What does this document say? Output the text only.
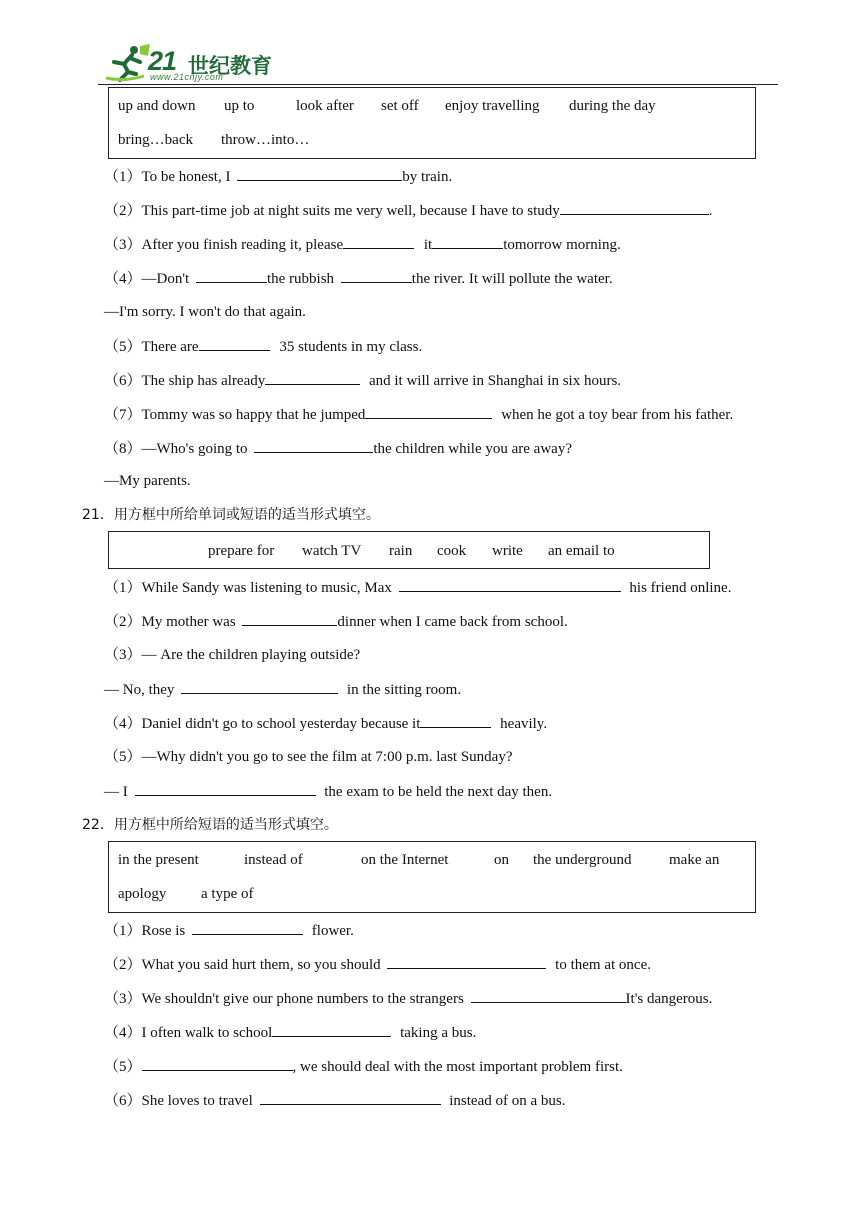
21 世纪教育
www.21cnjy.com
up and down up to	look after set off enjoy travelling during the day
bring…back throw…into…
（1）To be honest, I	by train.
（2）This part-time job at night suits me very well, because I have to study	.
（3）After you finish reading it, please	it	tomorrow morning.
（4）—Don't	the rubbish	the river. It will pollute the water.
—I'm sorry. I won't do that again.
（5）There are	35 students in my class.
（6）The ship has already	and it will arrive in Shanghai in six hours.
（7）Tommy was so happy that he jumped	when he got a toy bear from his father.
（8）—Who's going to	the children while you are away?
—My parents.
21．用方框中所给单词或短语的适当形式填空。
prepare for watch TV rain cook write an email to
（1）While Sandy was listening to music, Max	his friend online.
（2）My mother was	dinner when I came back from school.
（3）— Are the children playing outside?
— No, they	in the sitting room.
（4）Daniel didn't go to school yesterday because it	heavily.
（5）—Why didn't you go to see the film at 7:00 p.m. last Sunday?
— I	the exam to be held the next day then.
22．用方框中所给短语的适当形式填空。
in the present	instead of	on the Internet	on the underground	make an
apology a type of
（1）Rose is	flower.
（2）What you said hurt them, so you should	to them at once.
（3）We shouldn't give our phone numbers to the strangers	It's dangerous.
（4）I often walk to school	taking a bus.
（5）	, we should deal with the most important problem first.
（6）She loves to travel	instead of on a bus.
